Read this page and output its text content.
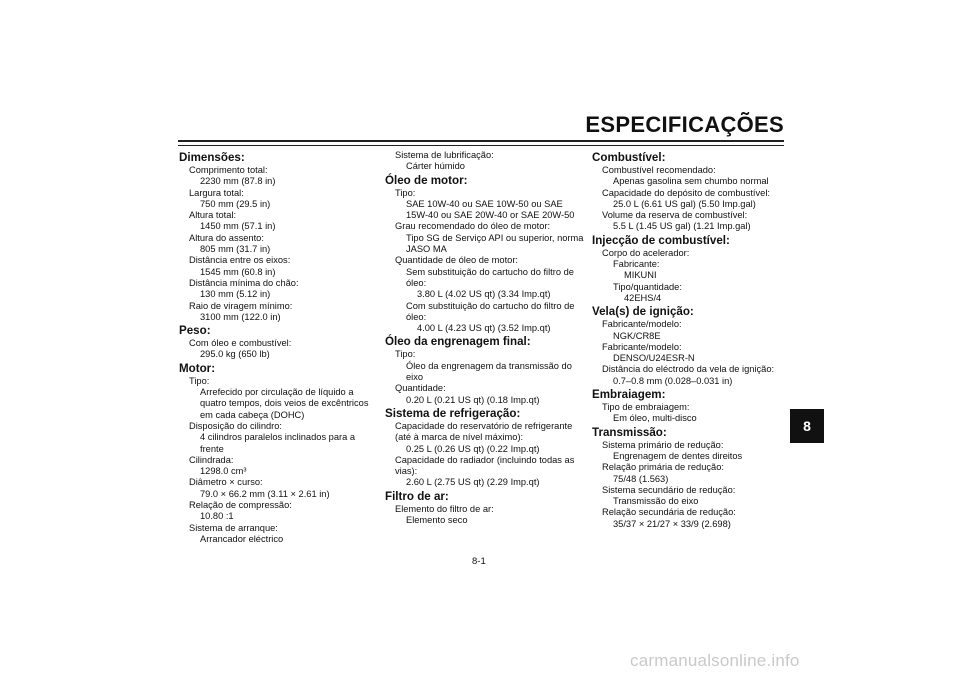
ESPECIFICAÇÕES
Dimensões:
Comprimento total:
2230 mm (87.8 in)
Largura total:
750 mm (29.5 in)
Altura total:
1450 mm (57.1 in)
Altura do assento:
805 mm (31.7 in)
Distância entre os eixos:
1545 mm (60.8 in)
Distância mínima do chão:
130 mm (5.12 in)
Raio de viragem mínimo:
3100 mm (122.0 in)
Peso:
Com óleo e combustível:
295.0 kg (650 lb)
Motor:
Tipo:
Arrefecido por circulação de líquido a
quatro tempos, dois veios de excêntricos
em cada cabeça (DOHC)
Disposição do cilindro:
4 cilindros paralelos inclinados para a
frente
Cilindrada:
1298.0 cm³
Diâmetro × curso:
79.0 × 66.2 mm (3.11 × 2.61 in)
Relação de compressão:
10.80 :1
Sistema de arranque:
Arrancador eléctrico
Sistema de lubrificação:
Cárter húmido
Óleo de motor:
Tipo:
SAE 10W-40 ou SAE 10W-50 ou SAE
15W-40 ou SAE 20W-40 or SAE 20W-50
Grau recomendado do óleo de motor:
Tipo SG de Serviço API ou superior, norma
JASO MA
Quantidade de óleo de motor:
Sem substituição do cartucho do filtro de
óleo:
3.80 L (4.02 US qt) (3.34 Imp.qt)
Com substituição do cartucho do filtro de
óleo:
4.00 L (4.23 US qt) (3.52 Imp.qt)
Óleo da engrenagem final:
Tipo:
Óleo da engrenagem da transmissão do
eixo
Quantidade:
0.20 L (0.21 US qt) (0.18 Imp.qt)
Sistema de refrigeração:
Capacidade do reservatório de refrigerante
(até à marca de nível máximo):
0.25 L (0.26 US qt) (0.22 Imp.qt)
Capacidade do radiador (incluindo todas as
vias):
2.60 L (2.75 US qt) (2.29 Imp.qt)
Filtro de ar:
Elemento do filtro de ar:
Elemento seco
Combustível:
Combustível recomendado:
Apenas gasolina sem chumbo normal
Capacidade do depósito de combustível:
25.0 L (6.61 US gal) (5.50 Imp.gal)
Volume da reserva de combustível:
5.5 L (1.45 US gal) (1.21 Imp.gal)
Injecção de combustível:
Corpo do acelerador:
Fabricante:
MIKUNI
Tipo/quantidade:
42EHS/4
Vela(s) de ignição:
Fabricante/modelo:
NGK/CR8E
Fabricante/modelo:
DENSO/U24ESR-N
Distância do eléctrodo da vela de ignição:
0.7–0.8 mm (0.028–0.031 in)
Embraiagem:
Tipo de embraiagem:
Em óleo, multi-disco
Transmissão:
Sistema primário de redução:
Engrenagem de dentes direitos
Relação primária de redução:
75/48 (1.563)
Sistema secundário de redução:
Transmissão do eixo
Relação secundária de redução:
35/37 × 21/27 × 33/9 (2.698)
8
8-1
carmanualsonline.info
